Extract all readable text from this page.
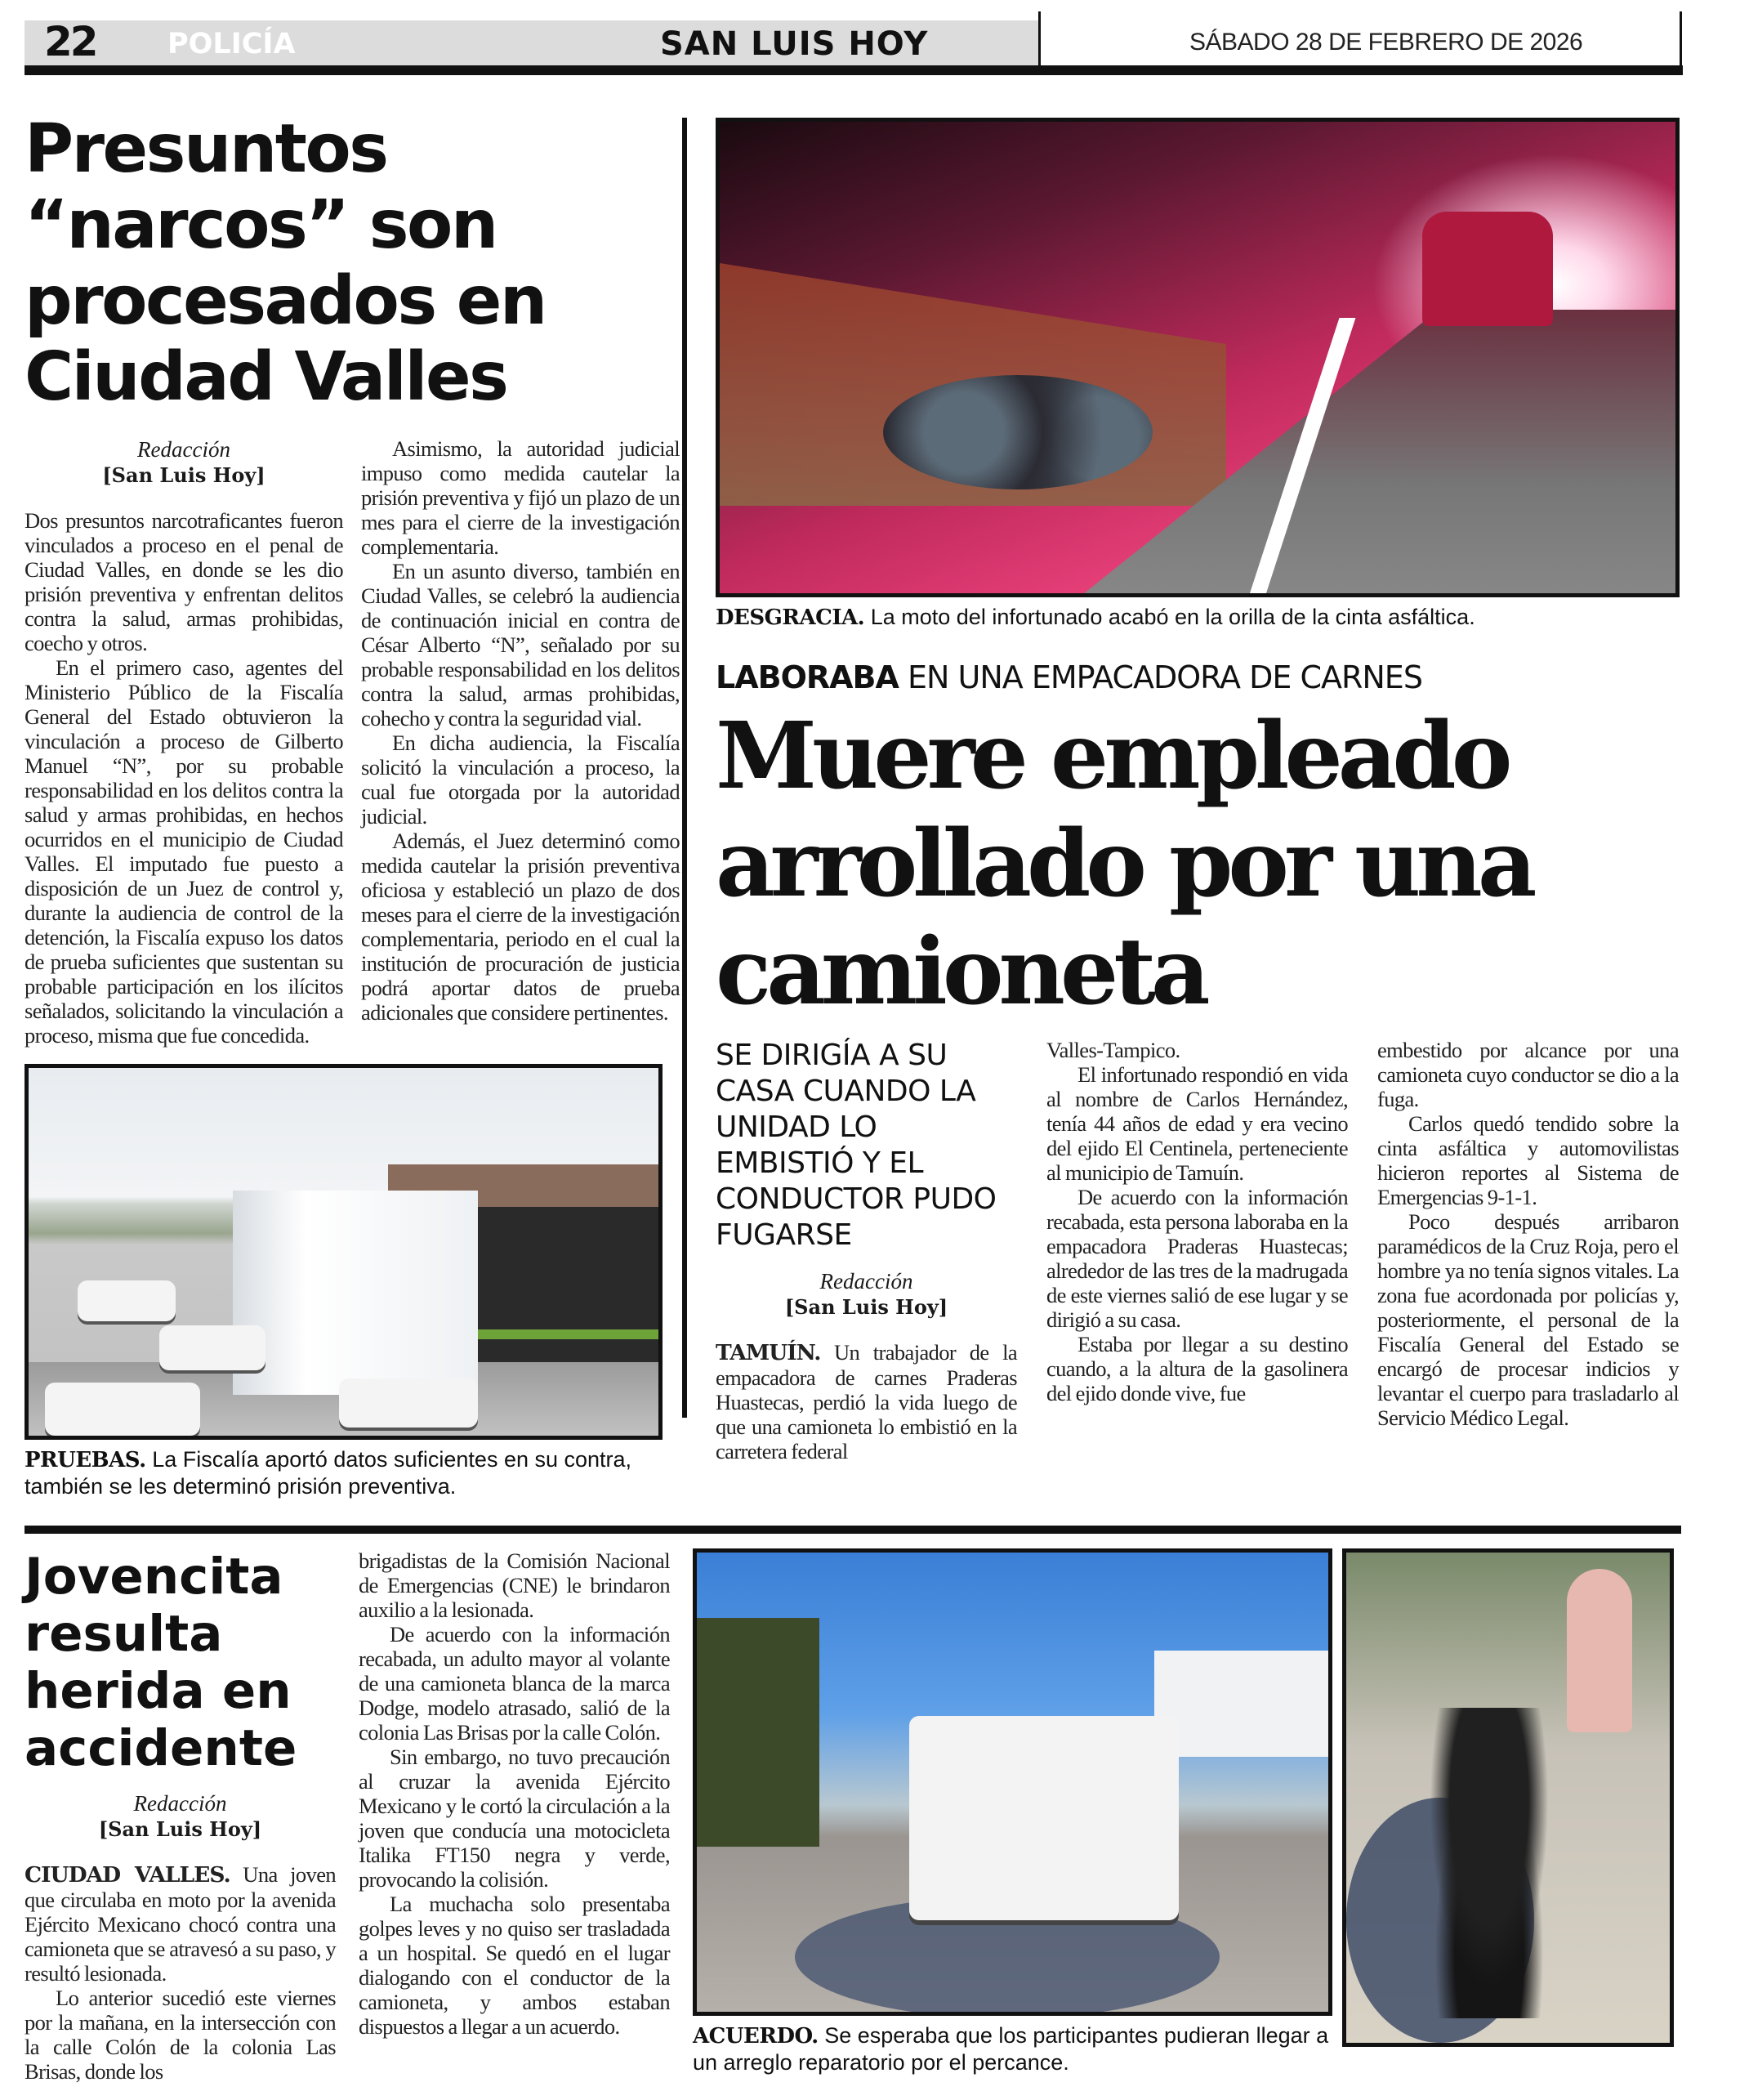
22 POLICÍA	SAN LUIS HOY	SÁBADO 28 DE FEBRERO DE 2026
Presuntos “narcos” son procesados en Ciudad Valles
Redacción
[San Luis Hoy]

Dos presuntos narcotraficantes fueron vinculados a proceso en el penal de Ciudad Valles, en donde se les dio prisión preventiva y enfrentan delitos contra la salud, armas prohibidas, coecho y otros.

En el primero caso, agentes del Ministerio Público de la Fiscalía General del Estado obtuvieron la vinculación a proceso de Gilberto Manuel “N”, por su probable responsabilidad en los delitos contra la salud y armas prohibidas, en hechos ocurridos en el municipio de Ciudad Valles. El imputado fue puesto a disposición de un Juez de control y, durante la audiencia de control de la detención, la Fiscalía expuso los datos de prueba suficientes que sustentan su probable participación en los ilícitos señalados, solicitando la vinculación a proceso, misma que fue concedida.

Asimismo, la autoridad judicial impuso como medida cautelar la prisión preventiva y fijó un plazo de un mes para el cierre de la investigación complementaria.

En un asunto diverso, también en Ciudad Valles, se celebró la audiencia de continuación inicial en contra de César Alberto “N”, señalado por su probable responsabilidad en los delitos contra la salud, armas prohibidas, cohecho y contra la seguridad vial.

En dicha audiencia, la Fiscalía solicitó la vinculación a proceso, la cual fue otorgada por la autoridad judicial.

Además, el Juez determinó como medida cautelar la prisión preventiva oficiosa y estableció un plazo de dos meses para el cierre de la investigación complementaria, periodo en el cual la institución de procuración de justicia podrá aportar datos de prueba adicionales que considere pertinentes.

PRUEBAS. La Fiscalía aportó datos suficientes en su contra, también se les determinó prisión preventiva.
DESGRACIA. La moto del infortunado acabó en la orilla de la cinta asfáltica.
LABORABA EN UNA EMPACADORA DE CARNES
Muere empleado arrollado por una camioneta
SE DIRIGÍA A SU CASA CUANDO LA UNIDAD LO EMBISTIÓ Y EL CONDUCTOR PUDO FUGARSE
Redacción
[San Luis Hoy]

TAMUÍN. Un trabajador de la empacadora de carnes Praderas Huastecas, perdió la vida luego de que una camioneta lo embistió en la carretera federal

Valles-Tampico.

El infortunado respondió en vida al nombre de Carlos Hernández, tenía 44 años de edad y era vecino del ejido El Centinela, perteneciente al municipio de Tamuín.

De acuerdo con la información recabada, esta persona laboraba en la empacadora Praderas Huastecas; alrededor de las tres de la madrugada de este viernes salió de ese lugar y se dirigió a su casa.

Estaba por llegar a su destino cuando, a la altura de la gasolinera del ejido donde vive, fue

embestido por alcance por una camioneta cuyo conductor se dio a la fuga.

Carlos quedó tendido sobre la cinta asfáltica y automovilistas hicieron reportes al Sistema de Emergencias 9-1-1.

Poco después arribaron paramédicos de la Cruz Roja, pero el hombre ya no tenía signos vitales. La zona fue acordonada por policías y, posteriormente, el personal de la Fiscalía General del Estado se encargó de procesar indicios y levantar el cuerpo para trasladarlo al Servicio Médico Legal.

Jovencita resulta herida en accidente
Redacción
[San Luis Hoy]

CIUDAD VALLES. Una joven que circulaba en moto por la avenida Ejército Mexicano chocó contra una camioneta que se atravesó a su paso, y resultó lesionada.

Lo anterior sucedió este viernes por la mañana, en la intersección con la calle Colón de la colonia Las Brisas, donde los

brigadistas de la Comisión Nacional de Emergencias (CNE) le brindaron auxilio a la lesionada.

De acuerdo con la información recabada, un adulto mayor al volante de una camioneta blanca de la marca Dodge, modelo atrasado, salió de la colonia Las Brisas por la calle Colón.

Sin embargo, no tuvo precaución al cruzar la avenida Ejército Mexicano y le cortó la circulación a la joven que conducía una motocicleta Italika FT150 negra y verde, provocando la colisión.

La muchacha solo presentaba golpes leves y no quiso ser trasladada a un hospital. Se quedó en el lugar dialogando con el conductor de la camioneta, y ambos estaban dispuestos a llegar a un acuerdo.	ACUERDO. Se esperaba que los participantes pudieran llegar a un arreglo reparatorio por el percance.
